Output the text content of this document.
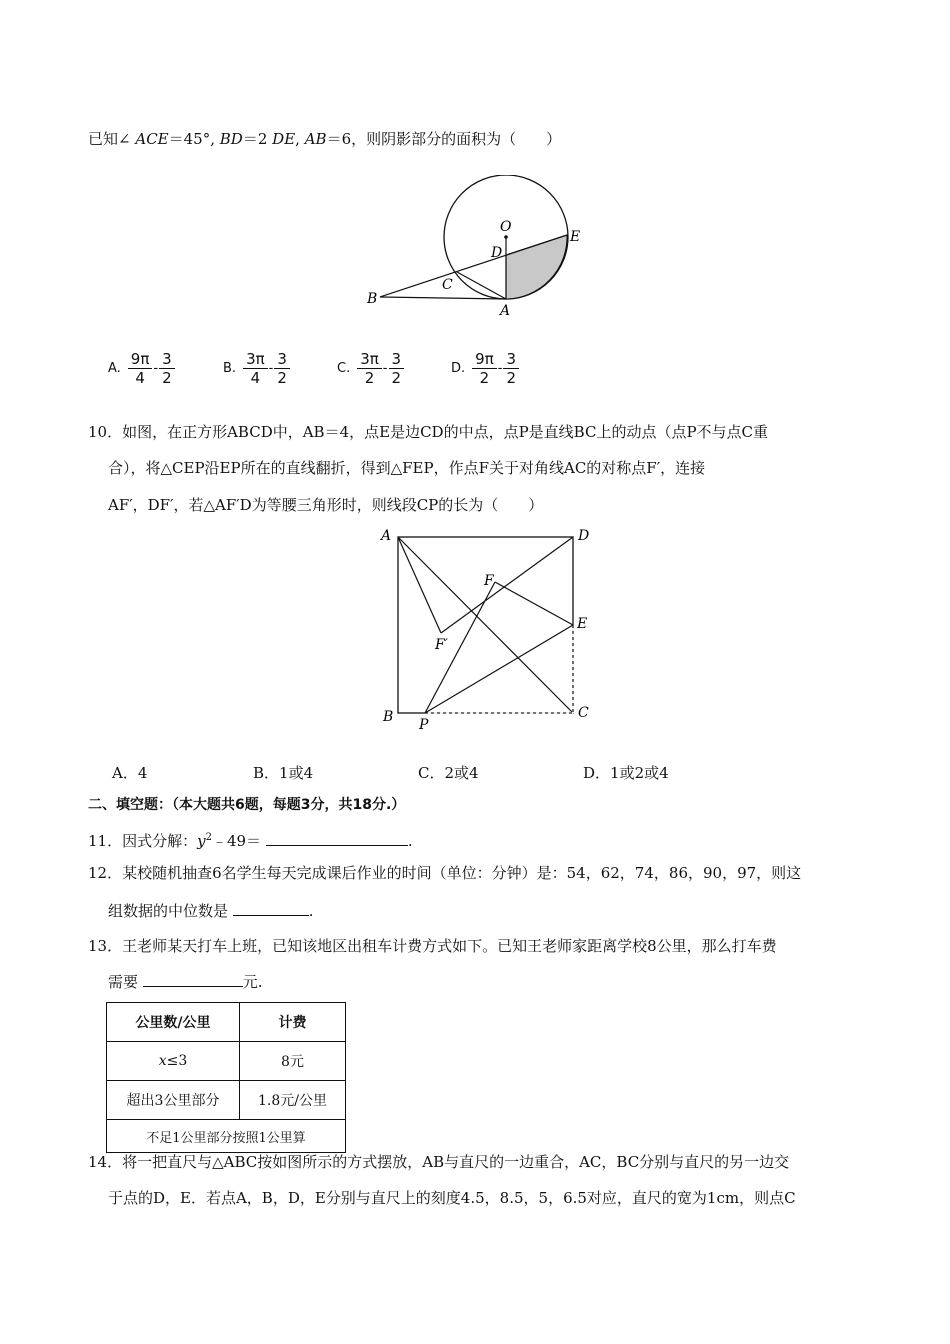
已知∠ ACE＝45°, BD＝2 DE, AB＝6，则阴影部分的面积为（　　）
O
E
D
C
B
A
A. $\frac{9\pi}{4} - \frac{3}{2}$	B. $\frac{3\pi}{4} - \frac{3}{2}$	C. $\frac{3\pi}{2} - \frac{3}{2}$	D. $\frac{9\pi}{2} - \frac{3}{2}$
10．如图，在正方形ABCD中，AB＝4，点E是边CD的中点，点P是直线BC上的动点（点P不与点C重
合），将△CEP沿EP所在的直线翻折，得到△FEP，作点F关于对角线AC的对称点F′，连接
AF′，DF′，若△AF′D为等腰三角形时，则线段CP的长为（　　）
A	D
F
E
F′
B P
C
A．4	B．1或4	C．2或4	D．1或2或4
二、填空题：（本大题共6题，每题3分，共18分.）
11．因式分解：$y^2﹣49=$	.
12．某校随机抽查6名学生每天完成课后作业的时间（单位：分钟）是：54，62，74，86，90，97，则这
组数据的中位数是	.
13．王老师某天打车上班，已知该地区出租车计费方式如下。已知王老师家距离学校8公里，那么打车费
需要	元.
公里数/公里	计费
x≤3	8元
超出3公里部分	1.8元/公里
不足1公里部分按照1公里算	
14．将一把直尺与△ABC按如图所示的方式摆放，AB与直尺的一边重合，AC，BC分别与直尺的另一边交
于点的D，E．若点A，B，D，E分别与直尺上的刻度4.5，8.5，5，6.5对应，直尺的宽为1cm，则点C
